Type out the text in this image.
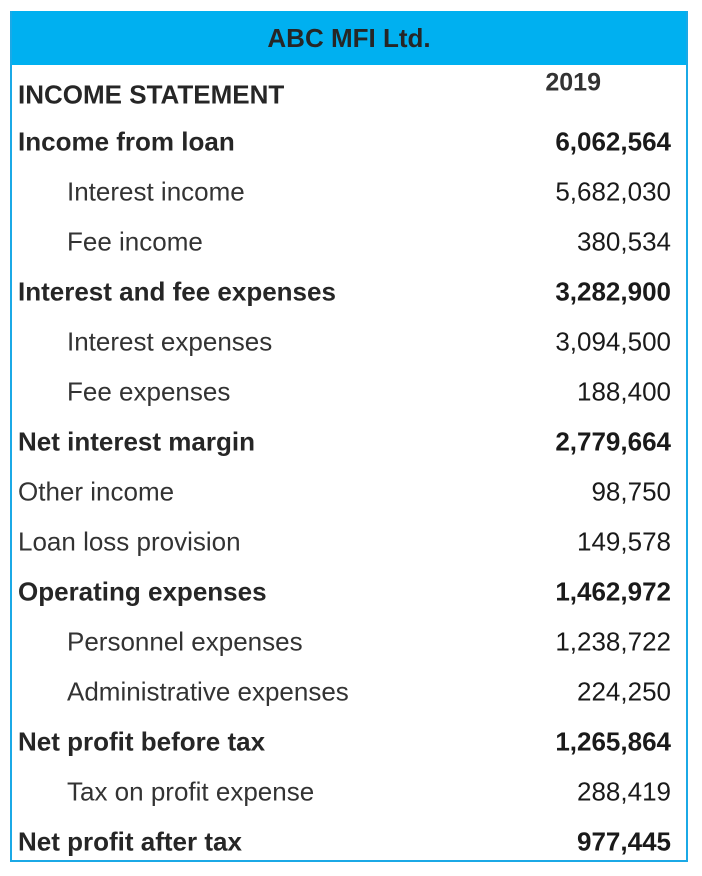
ABC MFI Ltd.
INCOME STATEMENT	2019
Income from loan	6,062,564
Interest income	5,682,030
Fee income	380,534
Interest and fee expenses	3,282,900
Interest expenses	3,094,500
Fee expenses	188,400
Net interest margin	2,779,664
Other income	98,750
Loan loss provision	149,578
Operating expenses	1,462,972
Personnel expenses	1,238,722
Administrative expenses	224,250
Net profit before tax	1,265,864
Tax on profit expense	288,419
Net profit after tax	977,445
